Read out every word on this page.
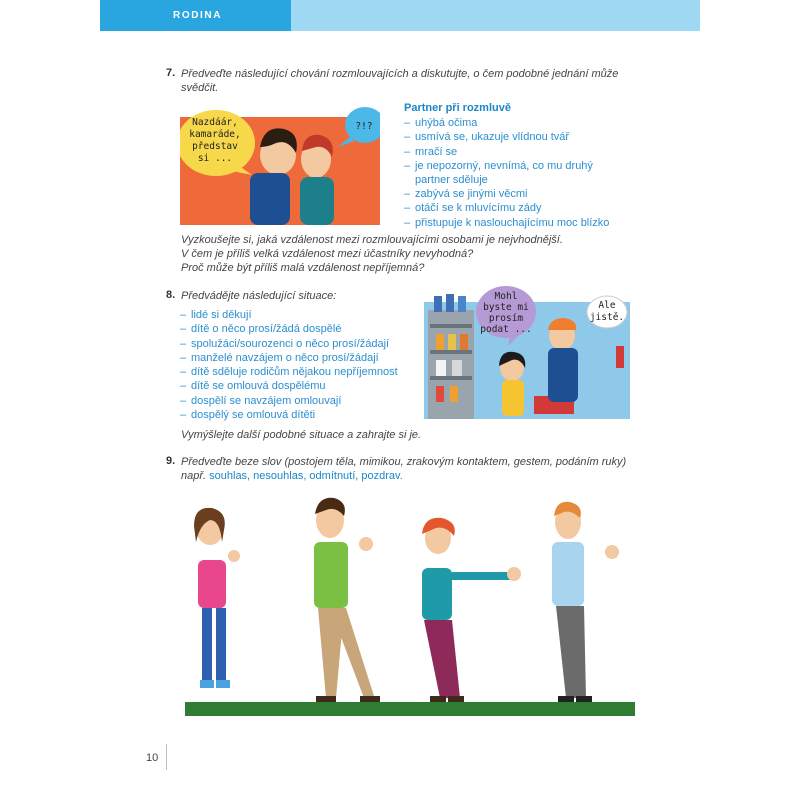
RODINA
7. Předveďte následující chování rozmlouvajících a diskutujte, o čem podobné jednání může
svědčit.
Nazdáár,
kamaráde,
představ
si ...
?!?
Partner při rozmluvě
– uhýbá očima
– usmívá se, ukazuje vlídnou tvář
– mračí se
– je nepozorný, nevnímá, co mu druhý
partner sděluje
– zabývá se jinými věcmi
– otáčí se k mluvícímu zády
– přistupuje k naslouchajícímu moc blízko
Vyzkoušejte si, jaká vzdálenost mezi rozmlouvajícími osobami je nejvhodnější.
V čem je příliš velká vzdálenost mezi účastníky nevyhodná?
Proč může být příliš malá vzdálenost nepříjemná?
8. Předvádějte následující situace:
– lidé si děkují
– dítě o něco prosí/žádá dospělé
– spolužáci/sourozenci o něco prosí/žádají
– manželé navzájem o něco prosí/žádají
– dítě sděluje rodičům nějakou nepříjemnost
– dítě se omlouvá dospělému
– dospělí se navzájem omlouvají
– dospělý se omlouvá dítěti
Mohl
byste mi
prosím
podat ...
Ale
jistě.
Vymýšlejte další podobné situace a zahrajte si je.
9. Předveďte beze slov (postojem těla, mimikou, zrakovým kontaktem, gestem, podáním ruky)
např. souhlas, nesouhlas, odmítnutí, pozdrav.
10
